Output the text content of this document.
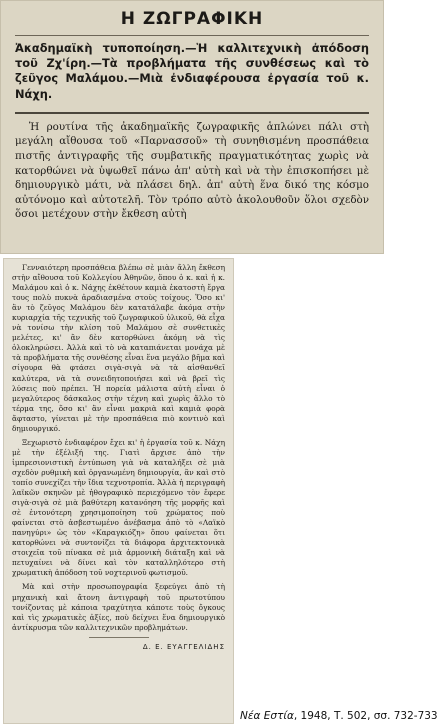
Η ΖΩΓΡΑΦΙΚΗ
Ἀκαδημαϊκὴ τυποποίηση.—Ἡ καλλιτεχνικὴ ἀπόδοση τοῦ Ζχ'ίρη.—Τὰ προβλήματα τῆς συνθέσεως καὶ τὸ ζεῦγος Μαλάμου.—Μιὰ ἐνδιαφέρουσα ἐργασία τοῦ κ. Νάχη.

Ἡ ρουτίνα τῆς ἀκαδημαϊκῆς ζωγραφικῆς ἁπλώνει πάλι στὴ μεγάλη αἴθουσα τοῦ «Παρνασσοῦ» τὴ συνηθισμένη προσπάθεια πιστῆς ἀντιγραφῆς τῆς συμβατικῆς πραγματικότητας χωρὶς νὰ κατορθώνει νὰ ὑψωθεῖ πάνω ἀπ' αὐτὴ καὶ νὰ τὴν ἐπισκοπήσει μὲ δημιουργικὸ μάτι, νὰ πλάσει δηλ. ἀπ' αὐτὴ ἕνα δικό της κόσμο αὐτόνομο καὶ αὐτοτελῆ. Τὸν τρόπο αὐτὸ ἀκολουθοῦν ὅλοι σχεδὸν ὅσοι μετέχουν στὴν ἔκθεση αὐτὴ

Γενναιότερη προσπάθεια βλέπω σὲ μιὰν ἄλλη ἔκθεση στὴν αἴθουσα τοῦ Κολλεγίου Ἀθηνῶν, ὅπου ὁ κ. καὶ ἡ κ. Μαλάμου καὶ ὁ κ. Νάχης ἐκθέτουν καμιὰ ἑκατοστὴ ἔργα τους πολὺ πυκνὰ ἀραδιασμένα στοὺς τοίχους. Ὅσο κι' ἂν τὸ ζεῦγος Μαλάμου δὲν κατατάλαβε ἀκόμα στὴν κυριαρχία τῆς τεχνικῆς τοῦ ζωγραφικοῦ ὑλικοῦ, θὰ εἶχα νὰ τονίσω τὴν κλίση τοῦ Μαλάμου σὲ συνθετικὲς μελέτες, κι' ἂν δὲν κατορθώνει ἀκόμη νὰ τὶς ὁλοκληρώσει. Ἀλλὰ καὶ τὸ νὰ καταπιάνεται μονάχα μὲ τὰ προβλήματα τῆς συνθέσης εἶναι ἕνα μεγάλο βῆμα καὶ σίγουρα θὰ φτάσει σιγὰ-σιγὰ νὰ τὰ αἰσθανθεῖ καλύτερα, νὰ τὰ συνειδητοποιήσει καὶ νὰ βρεῖ τὶς λύσεις ποὺ πρέπει. Ἡ πορεία μάλιστα αὐτὴ εἶναι ὁ μεγαλύτερος δάσκαλος στὴν τέχνη καὶ χωρὶς ἄλλο τὸ τέρμα της, ὅσο κι' ἂν εἶναι μακριὰ καὶ καμιὰ φορὰ ἄφταστο, γίνεται μὲ τὴν προσπάθεια πιὸ κοντινὸ καὶ δημιουργικό.

Ξεχωριστὸ ἐνδιαφέρον ἔχει κι' ἡ ἐργασία τοῦ κ. Νάχη μὲ τὴν ἐξέλιξή της. Γιατὶ ἄρχισε ἀπὸ τὴν ἰμπρεσιονιστικὴ ἐντύπωση γιὰ νὰ καταλήξει σὲ μιὰ σχεδὸν ρυθμικὴ καὶ ὀργανωμένη δημιουργία, ἂν καὶ στὸ τοπίο συνεχίζει τὴν ἴδια τεχνοτροπία. Ἀλλὰ ἡ περιγραφὴ λαϊκῶν σκηνῶν μὲ ἠθογραφικὸ περιεχόμενο τὸν ἔφερε σιγὰ-σιγὰ σὲ μιὰ βαθύτερη κατανόηση τῆς μορφῆς καὶ σὲ ἐντονότερη χρησιμοποίηση τοῦ χρώματος ποὺ φαίνεται στὸ ἀσβεστωμένο ἀνέβασμα ἀπὸ τὸ «Λαϊκὸ πανηγύρι» ὡς τὸν «Καραγκιόζη» ὅπου φαίνεται ὅτι κατορθώνει νὰ συντονίζει τὰ διάφορα ἀρχιτεκτονικὰ στοιχεῖα τοῦ πίνακα σὲ μιὰ ἁρμονικὴ διάταξη καὶ νὰ πετυχαίνει νὰ δίνει καὶ τὸν καταλληλότερο στὴ χρωματικὴ ἀπόδοση τοῦ νοχτερινοῦ φωτισμοῦ.

Μὰ καὶ στὴν προσωπογραφία ξεφεύγει ἀπὸ τὴ μηχανικὴ καὶ ἄτονη ἀντιγραφὴ τοῦ πρωτοτύπου τονίζοντας μὲ κάποια τραχύτητα κάποτε τοὺς ὄγκους καὶ τὶς χρωματικὲς ἀξίες, ποὺ δείχνει ἕνα δημιουργικὸ ἀντίκρυσμα τῶν καλλιτεχνικῶν προβλημάτων.

Δ. Ε. ΕΥΑΓΓΕΛΙΔΗΣ
Νέα Εστία, 1948, Τ. 502, σσ. 732-733
